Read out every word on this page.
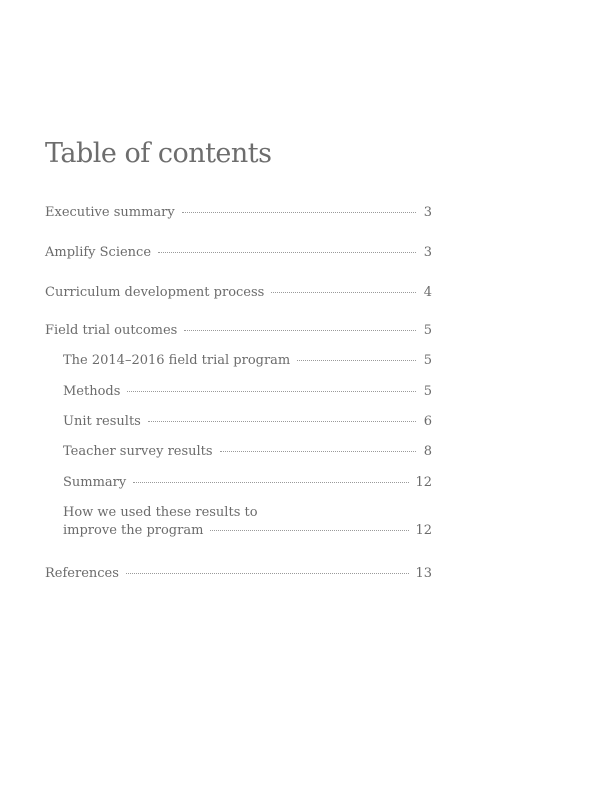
Table of contents
Executive summary	3
Amplify Science	3
Curriculum development process	4
Field trial outcomes	5
The 2014–2016 field trial program	5
Methods	5
Unit results	6
Teacher survey results	8
Summary	12
How we used these results to
improve the program	12
References	13
